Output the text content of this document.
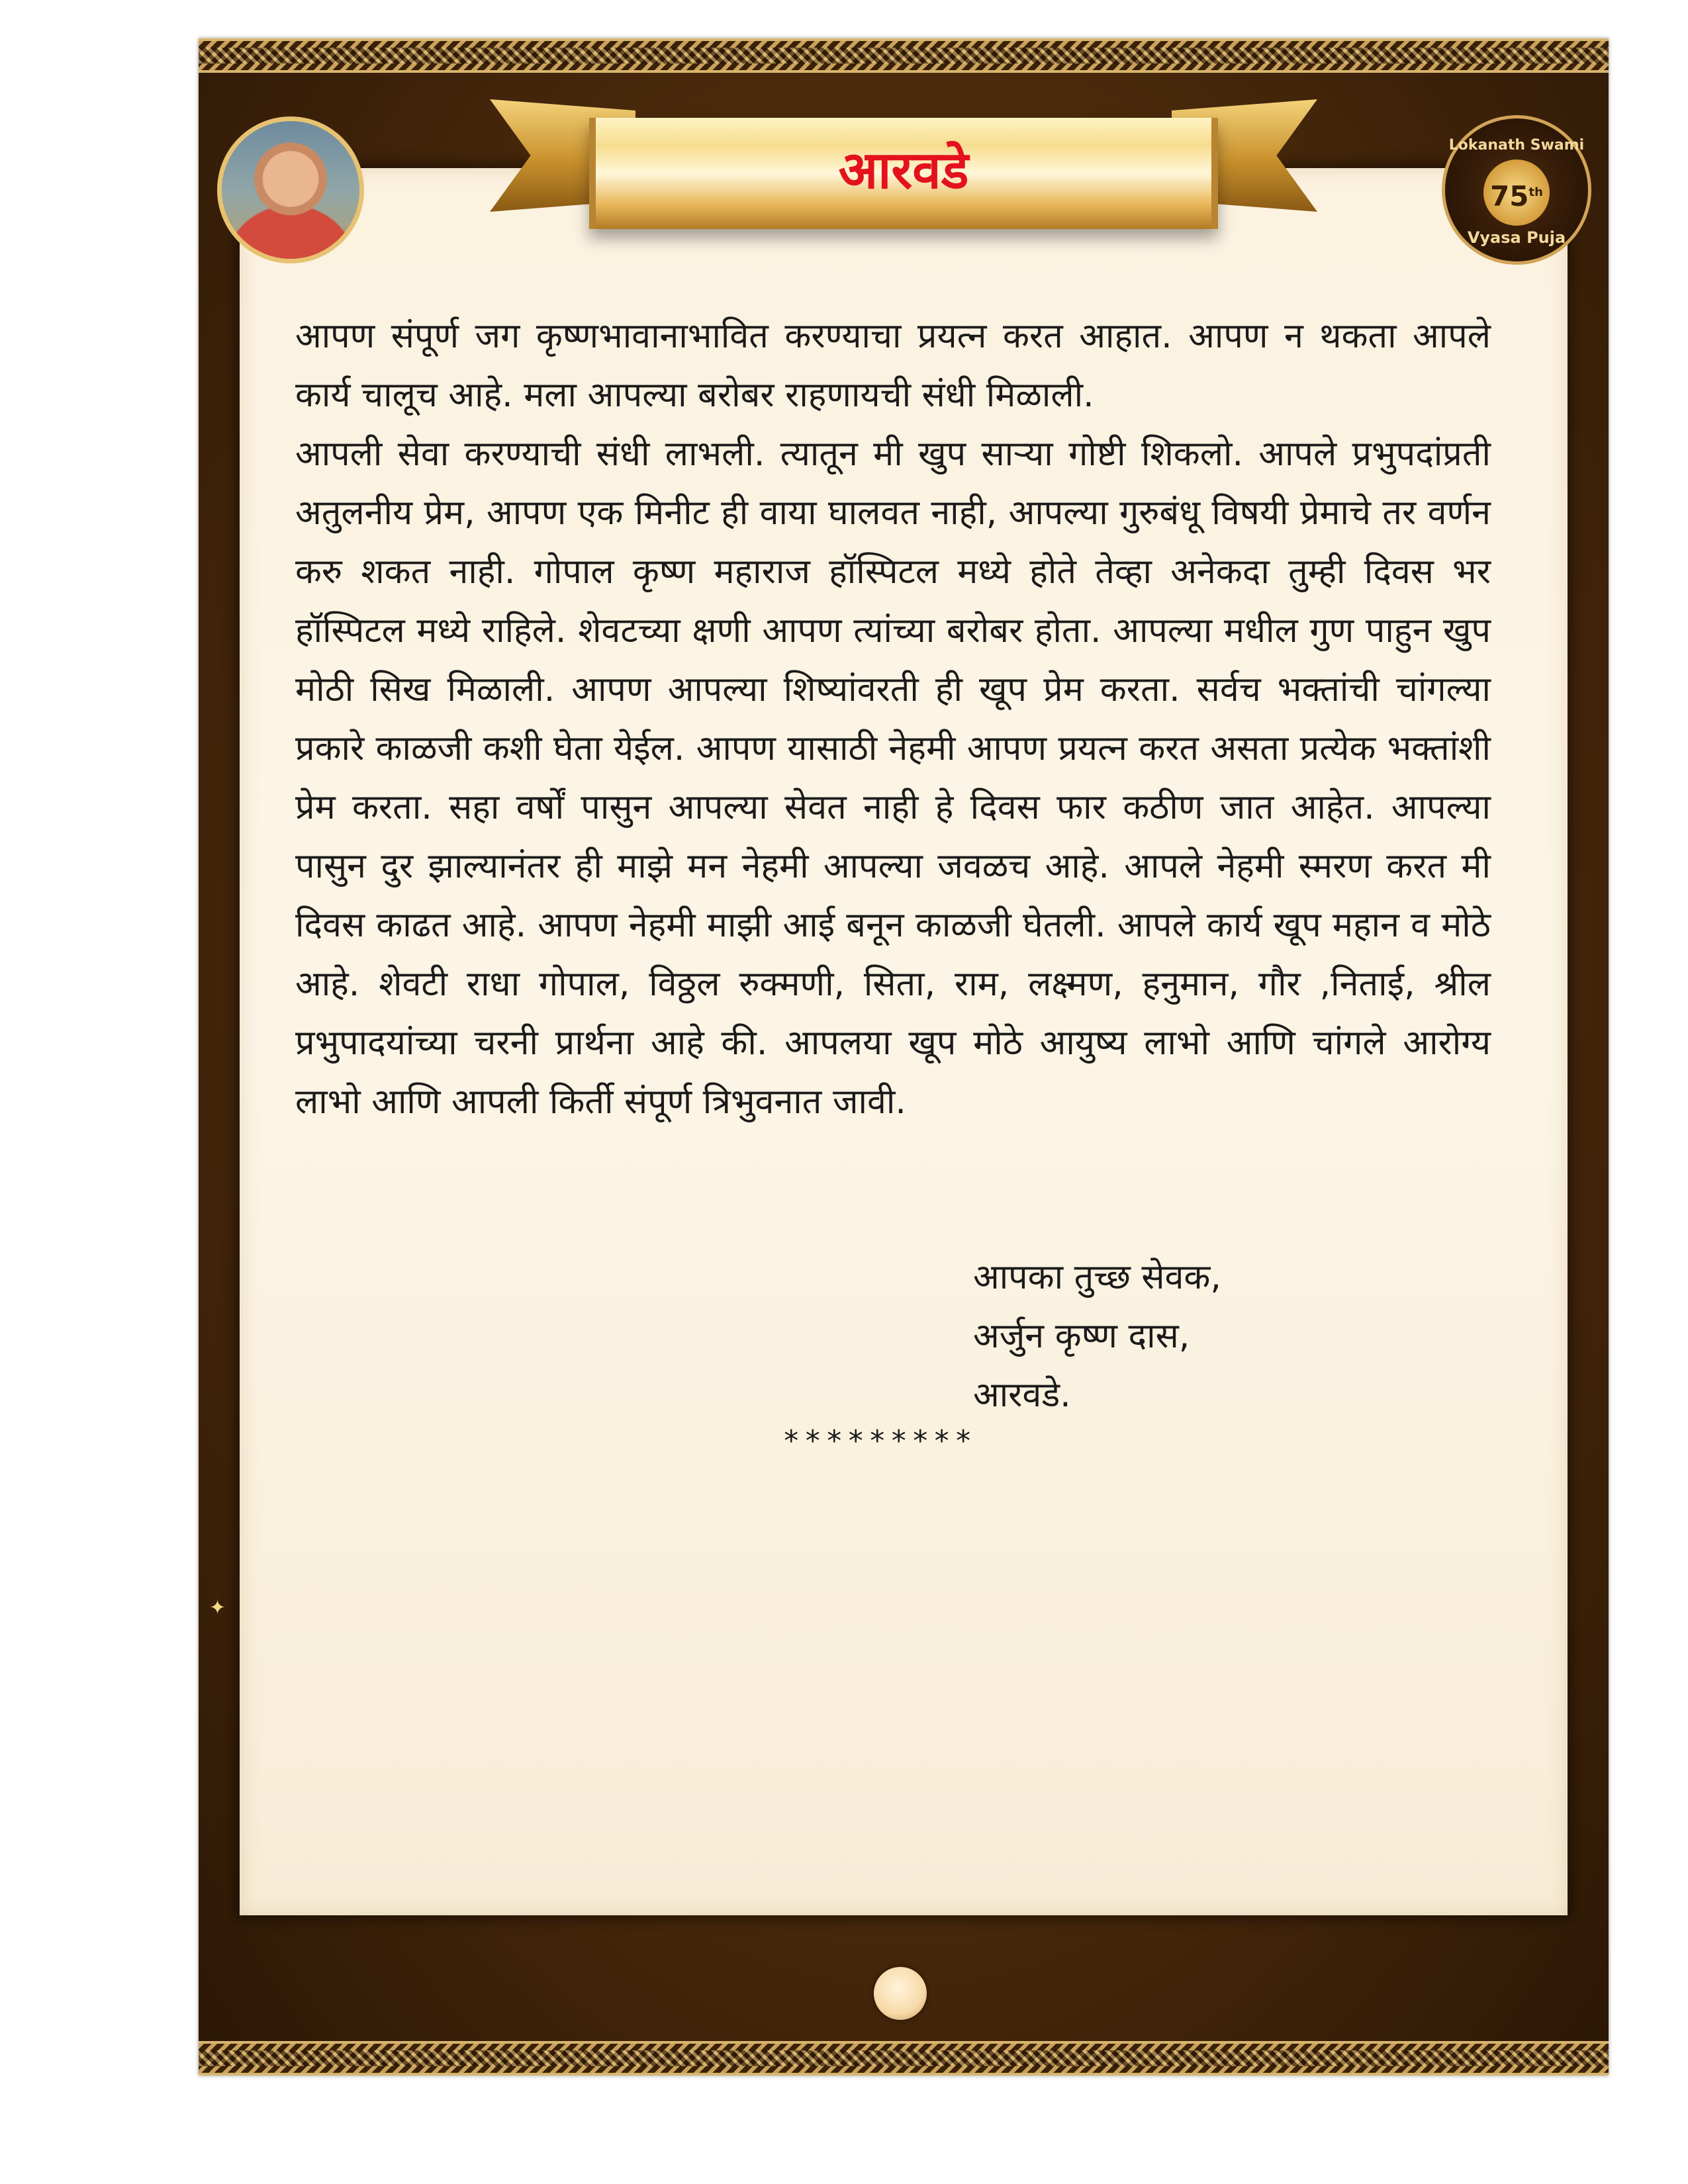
आरवडे	Lokanath Swami
75th
Vyasa Puja

आपण संपूर्ण जग कृष्णभावानाभावित करण्याचा प्रयत्न करत आहात. आपण न थकता आपले कार्य चालूच आहे. मला आपल्या बरोबर राहणायची संधी मिळाली.

आपली सेवा करण्याची संधी लाभली. त्यातून मी खुप साऱ्या गोष्टी शिकलो. आपले प्रभुपदांप्रती अतुलनीय प्रेम, आपण एक मिनीट ही वाया घालवत नाही, आपल्या गुरुबंधू विषयी प्रेमाचे तर वर्णन करु शकत नाही. गोपाल कृष्ण महाराज हॉस्पिटल मध्ये होते तेव्हा अनेकदा तुम्ही दिवस भर हॉस्पिटल मध्ये राहिले. शेवटच्या क्षणी आपण त्यांच्या बरोबर होता. आपल्या मधील गुण पाहुन खुप मोठी सिख मिळाली. आपण आपल्या शिष्यांवरती ही खूप प्रेम करता. सर्वच भक्तांची चांगल्या प्रकारे काळजी कशी घेता येईल. आपण यासाठी नेहमी आपण प्रयत्न करत असता प्रत्येक भक्तांशी प्रेम करता. सहा वर्षों पासुन आपल्या सेवत नाही हे दिवस फार कठीण जात आहेत. आपल्या पासुन दुर झाल्यानंतर ही माझे मन नेहमी आपल्या जवळच आहे. आपले नेहमी स्मरण करत मी दिवस काढत आहे. आपण नेहमी माझी आई बनून काळजी घेतली. आपले कार्य खूप महान व मोठे आहे. शेवटी राधा गोपाल, विठ्ठल रुक्मणी, सिता, राम, लक्ष्मण, हनुमान, गौर ,निताई, श्रील प्रभुपादयांच्या चरनी प्रार्थना आहे की. आपलया खूप मोठे आयुष्य लाभो आणि चांगले आरोग्य लाभो आणि आपली किर्ती संपूर्ण त्रिभुवनात जावी.

आपका तुच्छ सेवक,
अर्जुन कृष्ण दास,
आरवडे.
*********
✦
